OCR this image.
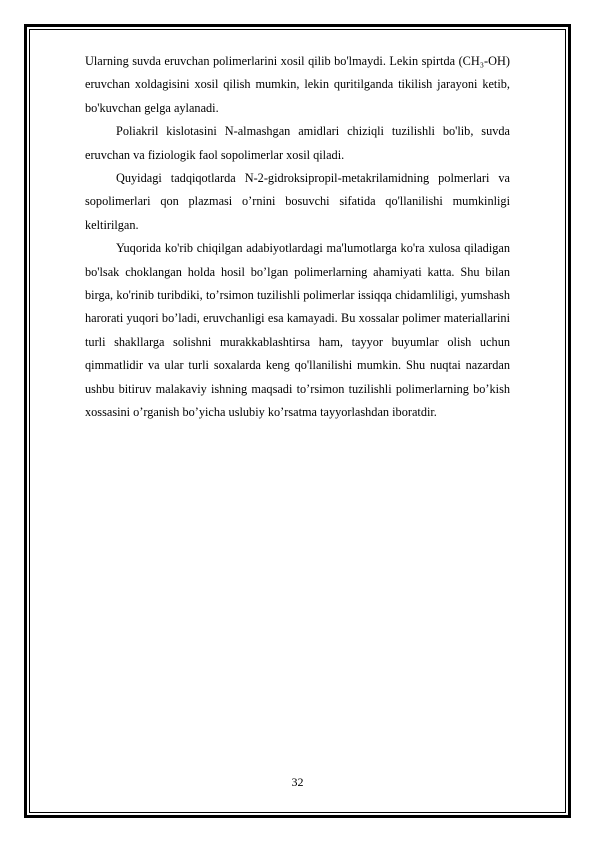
Ularning suvda eruvchan polimerlarini xosil qilib bo'lmaydi. Lekin spirtda (CH₃-OH) eruvchan xoldagisini xosil qilish mumkin, lekin quritilganda tikilish jarayoni ketib, bo'kuvchan gelga aylanadi.

Poliakril kislotasini N-almashgan amidlari chiziqli tuzilishli bo'lib, suvda eruvchan va fiziologik faol sopolimerlar xosil qiladi.

Quyidagi tadqiqotlarda N-2-gidroksipropil-metakrilamidning polmerlari va sopolimerlari qon plazmasi o’rnini bosuvchi sifatida qo'llanilishi mumkinligi keltirilgan.

Yuqorida ko'rib chiqilgan adabiyotlardagi ma'lumotlarga ko'ra xulosa qiladigan bo'lsak choklangan holda hosil bo’lgan polimerlarning ahamiyati katta. Shu bilan birga, ko'rinib turibdiki, to’rsimon tuzilishli polimerlar issiqqa chidamliligi, yumshash harorati yuqori bo’ladi, eruvchanligi esa kamayadi. Bu xossalar polimer materiallarini turli shakllarga solishni murakkablashtirsa ham, tayyor buyumlar olish uchun qimmatlidir va ular turli soxalarda keng qo'llanilishi mumkin. Shu nuqtai nazardan ushbu bitiruv malakaviy ishning maqsadi to’rsimon tuzilishli polimerlarning bo’kish xossasini o’rganish bo’yicha uslubiy ko’rsatma tayyorlashdan iboratdir.

32
